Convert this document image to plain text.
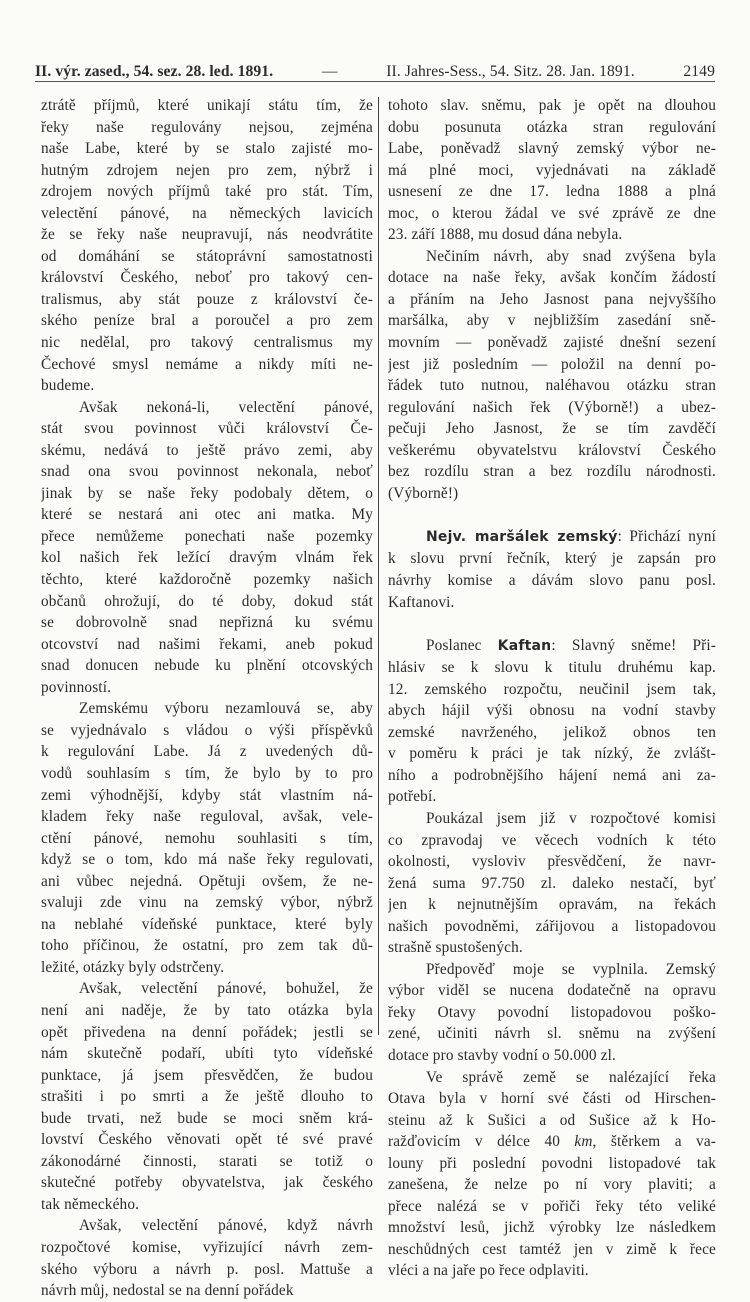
II. výr. zased., 54. sez. 28. led. 1891.	—	II. Jahres-Sess., 54. Sitz. 28. Jan. 1891.	2149
ztrátě příjmů, které unikají státu tím, že
řeky naše regulovány nejsou, zejména
naše Labe, které by se stalo zajisté mo-
hutným zdrojem nejen pro zem, nýbrž i
zdrojem nových příjmů také pro stát. Tím,
velectění pánové, na německých lavicích
že se řeky naše neupravují, nás neodvrátite
od domáhání se státoprávní samostatnosti
království Českého, neboť pro takový cen-
tralismus, aby stát pouze z království če-
ského peníze bral a poroučel a pro zem
nic nedělal, pro takový centralismus my
Čechové smysl nemáme a nikdy míti ne-
budeme.
Avšak nekoná-li, velectění pánové,
stát svou povinnost vůči království Če-
skému, nedává to ještě právo zemi, aby
snad ona svou povinnost nekonala, neboť
jinak by se naše řeky podobaly dětem, o
které se nestará ani otec ani matka. My
přece nemůžeme ponechati naše pozemky
kol našich řek ležící dravým vlnám řek
těchto, které každoročně pozemky našich
občanů ohrožují, do té doby, dokud stát
se dobrovolně snad nepřizná ku svému
otcovství nad našimi řekami, aneb pokud
snad donucen nebude ku plnění otcovských
povinností.
Zemskému výboru nezamlouvá se, aby
se vyjednávalo s vládou o výši příspěvků
k regulování Labe. Já z uvedených dů-
vodů souhlasím s tím, že bylo by to pro
zemi výhodnější, kdyby stát vlastním ná-
kladem řeky naše reguloval, avšak, vele-
ctění pánové, nemohu souhlasiti s tím,
když se o tom, kdo má naše řeky regulovati,
ani vůbec nejedná. Opětuji ovšem, že ne-
svaluji zde vinu na zemský výbor, nýbrž
na neblahé vídeňské punktace, které byly
toho příčinou, že ostatní, pro zem tak dů-
ležité, otázky byly odstrčeny.
Avšak, velectění pánové, bohužel, že
není ani naděje, že by tato otázka byla
opět přivedena na denní pořádek; jestli se
nám skutečně podaří, ubíti tyto vídeňské
punktace, já jsem přesvědčen, že budou
strašiti i po smrti a že ještě dlouho to
bude trvati, než bude se moci sněm krá-
lovství Českého věnovati opět té své pravé
zákonodárné činnosti, starati se totiž o
skutečné potřeby obyvatelstva, jak českého
tak německého.
Avšak, velectění pánové, když návrh
rozpočtové komise, vyřizující návrh zem-
ského výboru a návrh p. posl. Mattuše a
návrh můj, nedostal se na denní pořádek
tohoto slav. sněmu, pak je opět na dlouhou
dobu posunuta otázka stran regulování
Labe, poněvadž slavný zemský výbor ne-
má plné moci, vyjednávati na základě
usnesení ze dne 17. ledna 1888 a plná
moc, o kterou žádal ve své zprávě ze dne
23. září 1888, mu dosud dána nebyla.
Nečiním návrh, aby snad zvýšena byla
dotace na naše řeky, avšak končím žádostí
a přáním na Jeho Jasnost pana nejvyššího
maršálka, aby v nejbližším zasedání sně-
movním — poněvadž zajisté dnešní sezení
jest již posledním — položil na denní po-
řádek tuto nutnou, naléhavou otázku stran
regulování našich řek (Výborně!) a ubez-
pečuji Jeho Jasnost, že se tím zavděčí
veškerému obyvatelstvu království Českého
bez rozdílu stran a bez rozdílu národnosti.
(Výborně!)
Nejv. maršálek zemský: Přichází nyní
k slovu první řečník, který je zapsán pro
návrhy komise a dávám slovo panu posl.
Kaftanovi.
Poslanec Kaftan: Slavný sněme! Při-
hlásiv se k slovu k titulu druhému kap.
12. zemského rozpočtu, neučinil jsem tak,
abych hájil výši obnosu na vodní stavby
zemské navrženého, jelikož obnos ten
v poměru k práci je tak nízký, že zvlášt-
ního a podrobnějšího hájení nemá ani za-
potřebí.
Poukázal jsem již v rozpočtové komisi
co zpravodaj ve věcech vodních k této
okolnosti, vysloviv přesvědčení, že navr-
žená suma 97.750 zl. daleko nestačí, byť
jen k nejnutnějším opravám, na řekách
našich povodněmi, zářijovou a listopadovou
strašně spustošených.
Předpověď moje se vyplnila. Zemský
výbor viděl se nucena dodatečně na opravu
řeky Otavy povodní listopadovou poško-
zené, učiniti návrh sl. sněmu na zvýšení
dotace pro stavby vodní o 50.000 zl.
Ve správě země se nalézající řeka
Otava byla v horní své části od Hirschen-
steinu až k Sušici a od Sušice až k Ho-
ražďovicím v délce 40 km, štěrkem a va-
louny při poslední povodni listopadové tak
zanešena, že nelze po ní vory plaviti; a
přece nalézá se v pořiči řeky této veliké
množství lesů, jichž výrobky lze následkem
neschůdných cest tamtéž jen v zimě k řece
vléci a na jaře po řece odplaviti.
